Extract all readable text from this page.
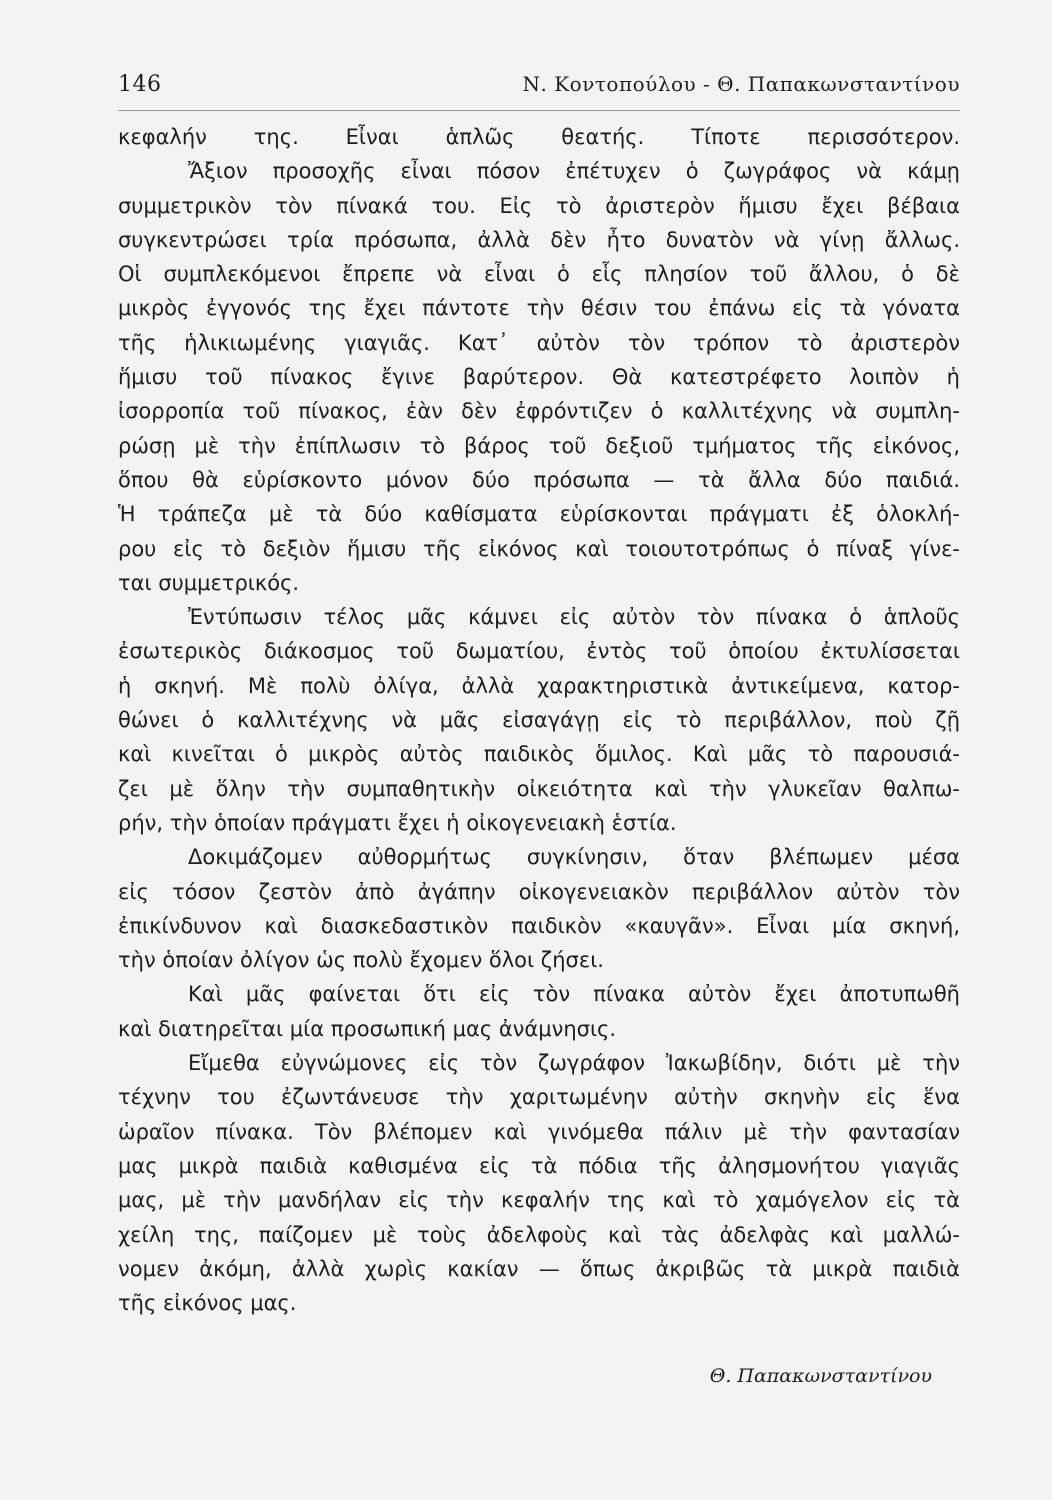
146	Ν. Κοντοπούλου - Θ. Παπακωνσταντίνου
κεφαλήν της. Εἶναι ἁπλῶς θεατής. Τίποτε περισσότερον.
Ἄξιον προσοχῆς εἶναι πόσον ἐπέτυχεν ὁ ζωγράφος νὰ κάμῃ
συμμετρικὸν τὸν πίνακά του. Εἰς τὸ ἀριστερὸν ἥμισυ ἔχει βέβαια
συγκεντρώσει τρία πρόσωπα, ἀλλὰ δὲν ἦτο δυνατὸν νὰ γίνῃ ἄλλως.
Οἱ συμπλεκόμενοι ἔπρεπε νὰ εἶναι ὁ εἷς πλησίον τοῦ ἄλλου, ὁ δὲ
μικρὸς ἐγγονός της ἔχει πάντοτε τὴν θέσιν του ἐπάνω εἰς τὰ γόνατα
τῆς ἡλικιωμένης γιαγιᾶς. Κατ᾽ αὐτὸν τὸν τρόπον τὸ ἀριστερὸν
ἥμισυ τοῦ πίνακος ἔγινε βαρύτερον. Θὰ κατεστρέφετο λοιπὸν ἡ
ἰσορροπία τοῦ πίνακος, ἐὰν δὲν ἐφρόντιζεν ὁ καλλιτέχνης νὰ συμπλη-
ρώσῃ μὲ τὴν ἐπίπλωσιν τὸ βάρος τοῦ δεξιοῦ τμήματος τῆς εἰκόνος,
ὅπου θὰ εὑρίσκοντο μόνον δύο πρόσωπα — τὰ ἄλλα δύο παιδιά.
Ἡ τράπεζα μὲ τὰ δύο καθίσματα εὑρίσκονται πράγματι ἐξ ὁλοκλή-
ρου εἰς τὸ δεξιὸν ἥμισυ τῆς εἰκόνος καὶ τοιουτοτρόπως ὁ πίναξ γίνε-
ται συμμετρικός.
Ἐντύπωσιν τέλος μᾶς κάμνει εἰς αὐτὸν τὸν πίνακα ὁ ἁπλοῦς
ἐσωτερικὸς διάκοσμος τοῦ δωματίου, ἐντὸς τοῦ ὁποίου ἐκτυλίσσεται
ἡ σκηνή. Μὲ πολὺ ὀλίγα, ἀλλὰ χαρακτηριστικὰ ἀντικείμενα, κατορ-
θώνει ὁ καλλιτέχνης νὰ μᾶς εἰσαγάγῃ εἰς τὸ περιβάλλον, ποὺ ζῇ
καὶ κινεῖται ὁ μικρὸς αὐτὸς παιδικὸς ὅμιλος. Καὶ μᾶς τὸ παρουσιά-
ζει μὲ ὅλην τὴν συμπαθητικὴν οἰκειότητα καὶ τὴν γλυκεῖαν θαλπω-
ρήν, τὴν ὁποίαν πράγματι ἔχει ἡ οἰκογενειακὴ ἑστία.
Δοκιμάζομεν αὐθορμήτως συγκίνησιν, ὅταν βλέπωμεν μέσα
εἰς τόσον ζεστὸν ἀπὸ ἀγάπην οἰκογενειακὸν περιβάλλον αὐτὸν τὸν
ἐπικίνδυνον καὶ διασκεδαστικὸν παιδικὸν «καυγᾶν». Εἶναι μία σκηνή,
τὴν ὁποίαν ὀλίγον ὡς πολὺ ἔχομεν ὅλοι ζήσει.
Καὶ μᾶς φαίνεται ὅτι εἰς τὸν πίνακα αὐτὸν ἔχει ἀποτυπωθῆ
καὶ διατηρεῖται μία προσωπική μας ἀνάμνησις.
Εἴμεθα εὐγνώμονες εἰς τὸν ζωγράφον Ἰακωβίδην, διότι μὲ τὴν
τέχνην του ἐζωντάνευσε τὴν χαριτωμένην αὐτὴν σκηνὴν εἰς ἕνα
ὡραῖον πίνακα. Τὸν βλέπομεν καὶ γινόμεθα πάλιν μὲ τὴν φαντασίαν
μας μικρὰ παιδιὰ καθισμένα εἰς τὰ πόδια τῆς ἀλησμονήτου γιαγιᾶς
μας, μὲ τὴν μανδήλαν εἰς τὴν κεφαλήν της καὶ τὸ χαμόγελον εἰς τὰ
χείλη της, παίζομεν μὲ τοὺς ἀδελφοὺς καὶ τὰς ἀδελφὰς καὶ μαλλώ-
νομεν ἀκόμη, ἀλλὰ χωρὶς κακίαν — ὅπως ἀκριβῶς τὰ μικρὰ παιδιὰ
τῆς εἰκόνος μας.
Θ. Παπακωνσταντίνου
